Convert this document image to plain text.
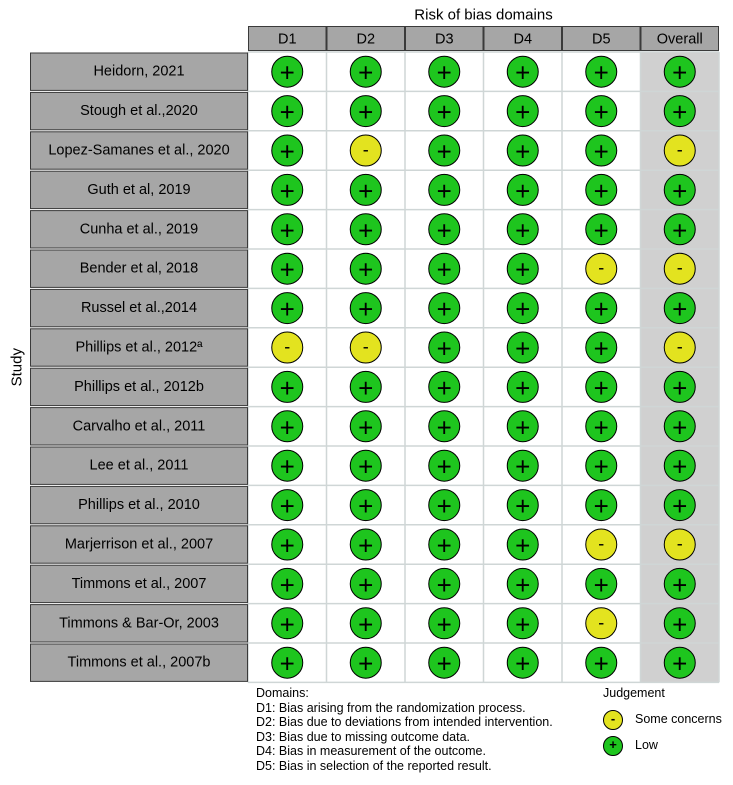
Risk of bias domains
D1	D2	D3	D4	D5	Overall
Heidorn, 2021	+ + + + + +
Stough et al.,2020	+ + + + + +
Lopez-Samanes et al., 2020 +	-	+ + +	-
Guth et al, 2019	+ + + + + +
Cunha et al., 2019	+ + + + + +
Bender et al, 2018	+ + + +	-	-
Russel et al.,2014	+ + + + + +
Phillips et al., 2012ª	-	-	+ + +	-
Phillips et al., 2012b	+ + + + + +
Carvalho et al., 2011	+ + + + + +
Lee et al., 2011	+ + + + + +
Phillips et al., 2010	+ + + + + +
Marjerrison et al., 2007	+ + + +	-	-
Timmons et al., 2007	+ + + + + +
Timmons & Bar-Or, 2003 + + + +	-	+
Timmons et al., 2007b	+ + + + + +
Study
Domains:
D1: Bias arising from the randomization process.
D2: Bias due to deviations from intended intervention.
D3: Bias due to missing outcome data.
D4: Bias in measurement of the outcome.
D5: Bias in selection of the reported result.
Judgement
-	Some concerns
+	Low
